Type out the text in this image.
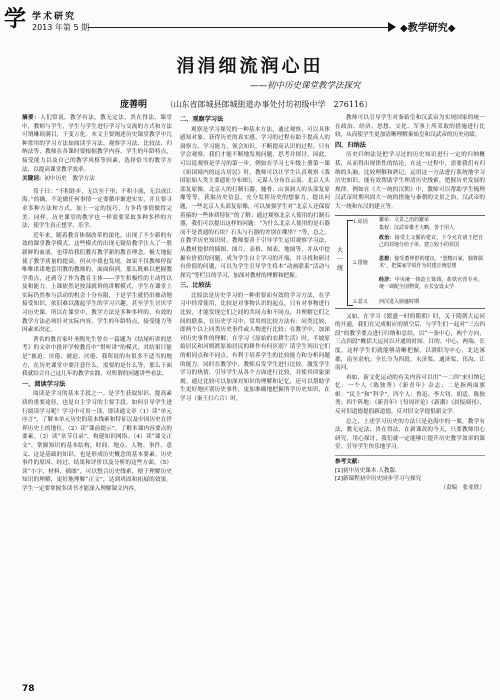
学 学术研究
2013 年第 5 期	◆教学研究◆
涓涓细流润心田
——初中历史课堂教学法探究
庞善明 （山东省郎城县郎城街道办事处付坊初级中学　276116）

摘要：人们常说，教学有法，教无定法，贵在得法，课堂中，教师与学生，学生与学生进行学习与交流的方式和方法可谓琳琅满目，千变万化。本文主要阐述历史课堂教学中几种常用的学习方法如阅读学习法、观察学习法、比较法、归纳法等，教师在各课时要根据教学内容、学生的年龄特点，接受能力以及自己的教学风格等因素，选择恰当的教学方法，以提高课堂教学效率。

关键词：初中历史　教学方法

荀子曰：“不积跬步，无以至千里；不积小流，无以成江海。”的确，不论做任何事情一定要循序渐进实实，并且要寻求多种方法和方式，加上一定的技巧，力争将事情做得完美。同样，历史课堂的教学也一样需要采取多种多样的方法，使学生真正想学、乐学。

近年来，随着教育体制改革的深化，出现了不少新的有效的课堂教学模式，这些模式的出现无疑给教学注入了一股新鲜的血液，也带给我们教育教学新的教育理念。极大地促使了教学质量的提高。但从中我也发现，如果不仅教师停留唯唯诺诺地套用教的教师的，面面俱到，那么既难以把握教学重点，还剥夺了作为教育主体——学生积极性的主动性以及和能力，上课依然是按部就班的讲解模式，学生在课堂上实际仍然参与活动的机会十分有限，于是学生就仍旧被动地接受知识，依旧难以激起学生的学习兴趣，甚至学生讨厌学习历史课。所以在课堂中，教学方法是多种多样的，有效的教学方法必须针对实际内容，学生的年龄特点，接受能力等因素来决定。

著名的教育家叶圣陶先生曾在一篇题为《结尾听讲的思考》的文章中批评学校教育中“惜听讲”的模式，其结果只能是“被迫、厌倦、被迫、厌倦、我所说的有很多不适当的地方，在历史课堂中要注意什么，需要的是什么等，那么下面我就结合自己这几年的教学实践，对所谓的问题讲些看法。

一、阅读学习法

阅读是学习的基本手段之一。是学生获取知识、提高素质的重要途径，也是自主学习的主要手段。如何引导学生进行阅读学习呢？学习中可用一读，即读通文章（1）读“单元序言”，了解本单元历史的基本线索和特征以及中国历史在世界历史上的地位。（2）读“课前提示”，了解本课内容要点的要素。（3）读“章节目录”，构建知识网络。（4）读“课文正文”，掌握知识的基本结构，时间、地点、人物、事件、意义、这是基础的知识，也是形成历史概念的基本要素。历史事件的原因、经过、结果和评价以及分析的这些方面。（5）读“小字、材料、插图”，可以整合历史线索，便于理解历史知识的理解，更好地理解“正文”，达到巩固和拓展的效果。学生一定要掌握多读书才能深入理解课文内容。

二、观察学习法

观察是学习探究的一种基本方法，通过观察，可以具体感知对象，获得历史的真实感，学习的过程有助于提高人的洞察力、学习能力，领会知识，不断提高认识的过程。只有学会观察，我们才能不断地发现问题，思考并探讨。因此，可以说观察是学习的第一步，例如在学习七年级上册第一课《祖国境内的远古居民》时，教师可以让学生认真观察《我国原始人类主要遗址分布图》，元谋人分布在云南、北京人头部复原像，北京人的打制石器、燧骨、山顶洞人的头部复原像等等，获取历史信息，充分发挥历史的想象力，提出问题，一些北京人头部复原像，可以加强学生对“北京人还保留着猿的一些体质特征”的了解；通过观察北京人使用的打制石器，我们可以提出这样的问题：“为什么北京人使用的是石器而不是普通的石块？石头与石器的差别在哪里？”等，总之，在教学历史知识时，教师要善于引导学生运用观察学习法，从教材提供的插图、图片、表格、图表、地图等，并从中挖掘有价值的问题，成为学生自主学习的开端，并寻找和研讨有价值的问题，可以为学生引导学生将本“动画联系”活动与探究“等栏目的学习，加深对教材的理解和把握。

三、比较法

比较法是历史学习的一种重要而有效的学习方法，在学习中经常使用，比较是对事物认识的起点，只有对事物进行比较，才能发现它们之间的共同点和不同点，并理解它们之间的联系，在历史学习中，常用的比较方法有：同类比较，即两个以上同类历史事件或人物进行比较；在教学中，加深对历史事件的理解，在学习《原始的农耕生活》时，半坡原始居民和河姆渡原始居民的耕作有何区别？请学生列出它们的相同点和不同点，有利于培养学生的比较能力和分析问题的能力。同时在教学中，教师启发学生进行比较，激发学生学习的热情，引导学生从各个方面进行比较，并使其印象深刻。通过比较可以加深对知识的理解和记忆，还可以帮助学生更好地区别历史事件，更加准确地把握所学历史知识，在学习（秦王扫六合）时，

教师可以引导学生对秦始皇和汉武帝为实现国家的统一在政治、经济、思想、文化、军事上所采取的措施进行比较，从而使学生更加清晰理解秦始皇和汉武帝的历史功绩。

四、归纳法

历史归纳法是把学习过的历史知识进行一定的归纳概括，从而得出规律性的结论，在这一过程中，需要我们有归纳的头脑，比较理解和熟记，运用这一方法进行系统地学习历史知识，能有效帮助学生理清历史线索，把握历史发展的规律。例如在《大一统的汉朝》中，教师可以帮助学生梳理汉武帝时期巩固大一统的措施与秦朝的文景之治，汉武帝的大一统和东汉的建立等。

大一统
1.原因 繁荣：文景之治的繁荣
集权：汉武帝雄才大略、善于用人
2.措施
政治：接受主父偃的建议，下令允许诸王把自己的封地分给子弟，建立较小的侯国
思想：接受董仲舒的建议，“罢黜百家，独尊儒术”，把儒家学说作为封建正统思想
经济：中央统一铸造五铢钱，盐铁官营专卖，统一调配全国物资，在长安设太学
3.意义 西汉进入鼎盛时期

又如，在学习《繁盛一时的隋朝》时，关于隋朝大运河的开通，我们在完成相应的填空后，与学生们一起对“三点四段”的教学要点进行归纳和总结，以“一条中心，两个方向，三点四段”概括大运河以开通的时间、目的、中心、两端、长度，这样学生们就能够清晰把握。以洛阳为中心，北达涿郡，南至余杭；全长分为四段，永济渠、通济渠、邗沟、江南河。

再如，新文化运动的有关内容可以用“一二四”来归纳记忆：一个人（陈独秀）《新青年》杂志；二是指两面旗帜：“民主”和“科学”，四个人：鲁迅、李大钊、胡适、陈独秀；四个阵地：《新青年》《每周评论》《新潮》《晨报副刊》，反对旧道德提倡新道德，反对旧文学提倡新文学。

总之，上述学习历史的方法只是沧海中的一粟，教学有法，教无定法，贵在得法，在新课改的今天，只要教师用心研究，用心探讨，我们就一定能够让提升历史教学效率的课堂，引导学生快乐地学习。

参考文献：
[1]初中历史课本.人教版.
[2]新课程初中历史同步学习与探究
（责编　张亚欣）
78
